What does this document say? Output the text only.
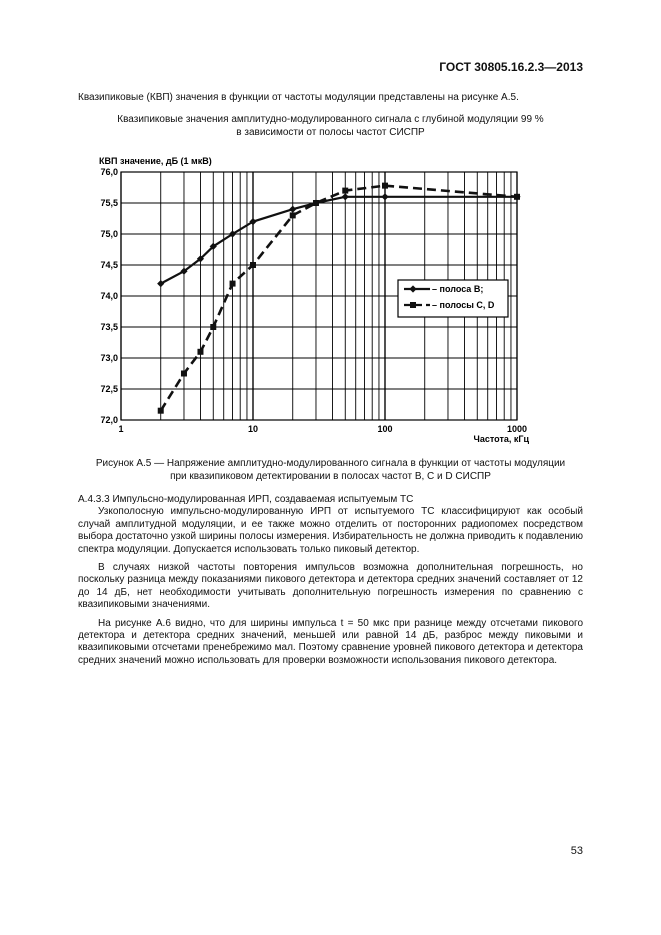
ГОСТ 30805.16.2.3—2013
Квазипиковые (КВП) значения в функции от частоты модуляции представлены на рисунке А.5.
Квазипиковые значения амплитудно-модулированного сигнала с глубиной модуляции 99 %
в зависимости от полосы частот СИСПР
72,0
72,5
73,0
73,5
74,0
74,5
75,0
75,5
76,0
1	10	100	1000
КВП значение, дБ (1 мкВ)
Частота, кГц
– полоса В;
– полосы С, D
Рисунок А.5 — Напряжение амплитудно-модулированного сигнала в функции от частоты модуляции
при квазипиковом детектировании в полосах частот В, С и D СИСПР

А.4.3.3 Импульсно-модулированная ИРП, создаваемая испытуемым ТС

Узкополосную импульсно-модулированную ИРП от испытуемого ТС классифицируют как особый случай амплитудной модуляции, и ее также можно отделить от посторонних радиопомех посредством выбора достаточно узкой ширины полосы измерения. Избирательность не должна приводить к подавлению спектра модуляции. Допускается использовать только пиковый детектор.

В случаях низкой частоты повторения импульсов возможна дополнительная погрешность, но поскольку разница между показаниями пикового детектора и детектора средних значений составляет от 12 до 14 дБ, нет необходимости учитывать дополнительную погрешность измерения по сравнению с квазипиковыми значениями.

На рисунке А.6 видно, что для ширины импульса t = 50 мкс при разнице между отсчетами пикового детектора и детектора средних значений, меньшей или равной 14 дБ, разброс между пиковыми и квазипиковыми отсчетами пренебрежимо мал. Поэтому сравнение уровней пикового детектора и детектора средних значений можно использовать для проверки возможности использования пикового детектора.

53
